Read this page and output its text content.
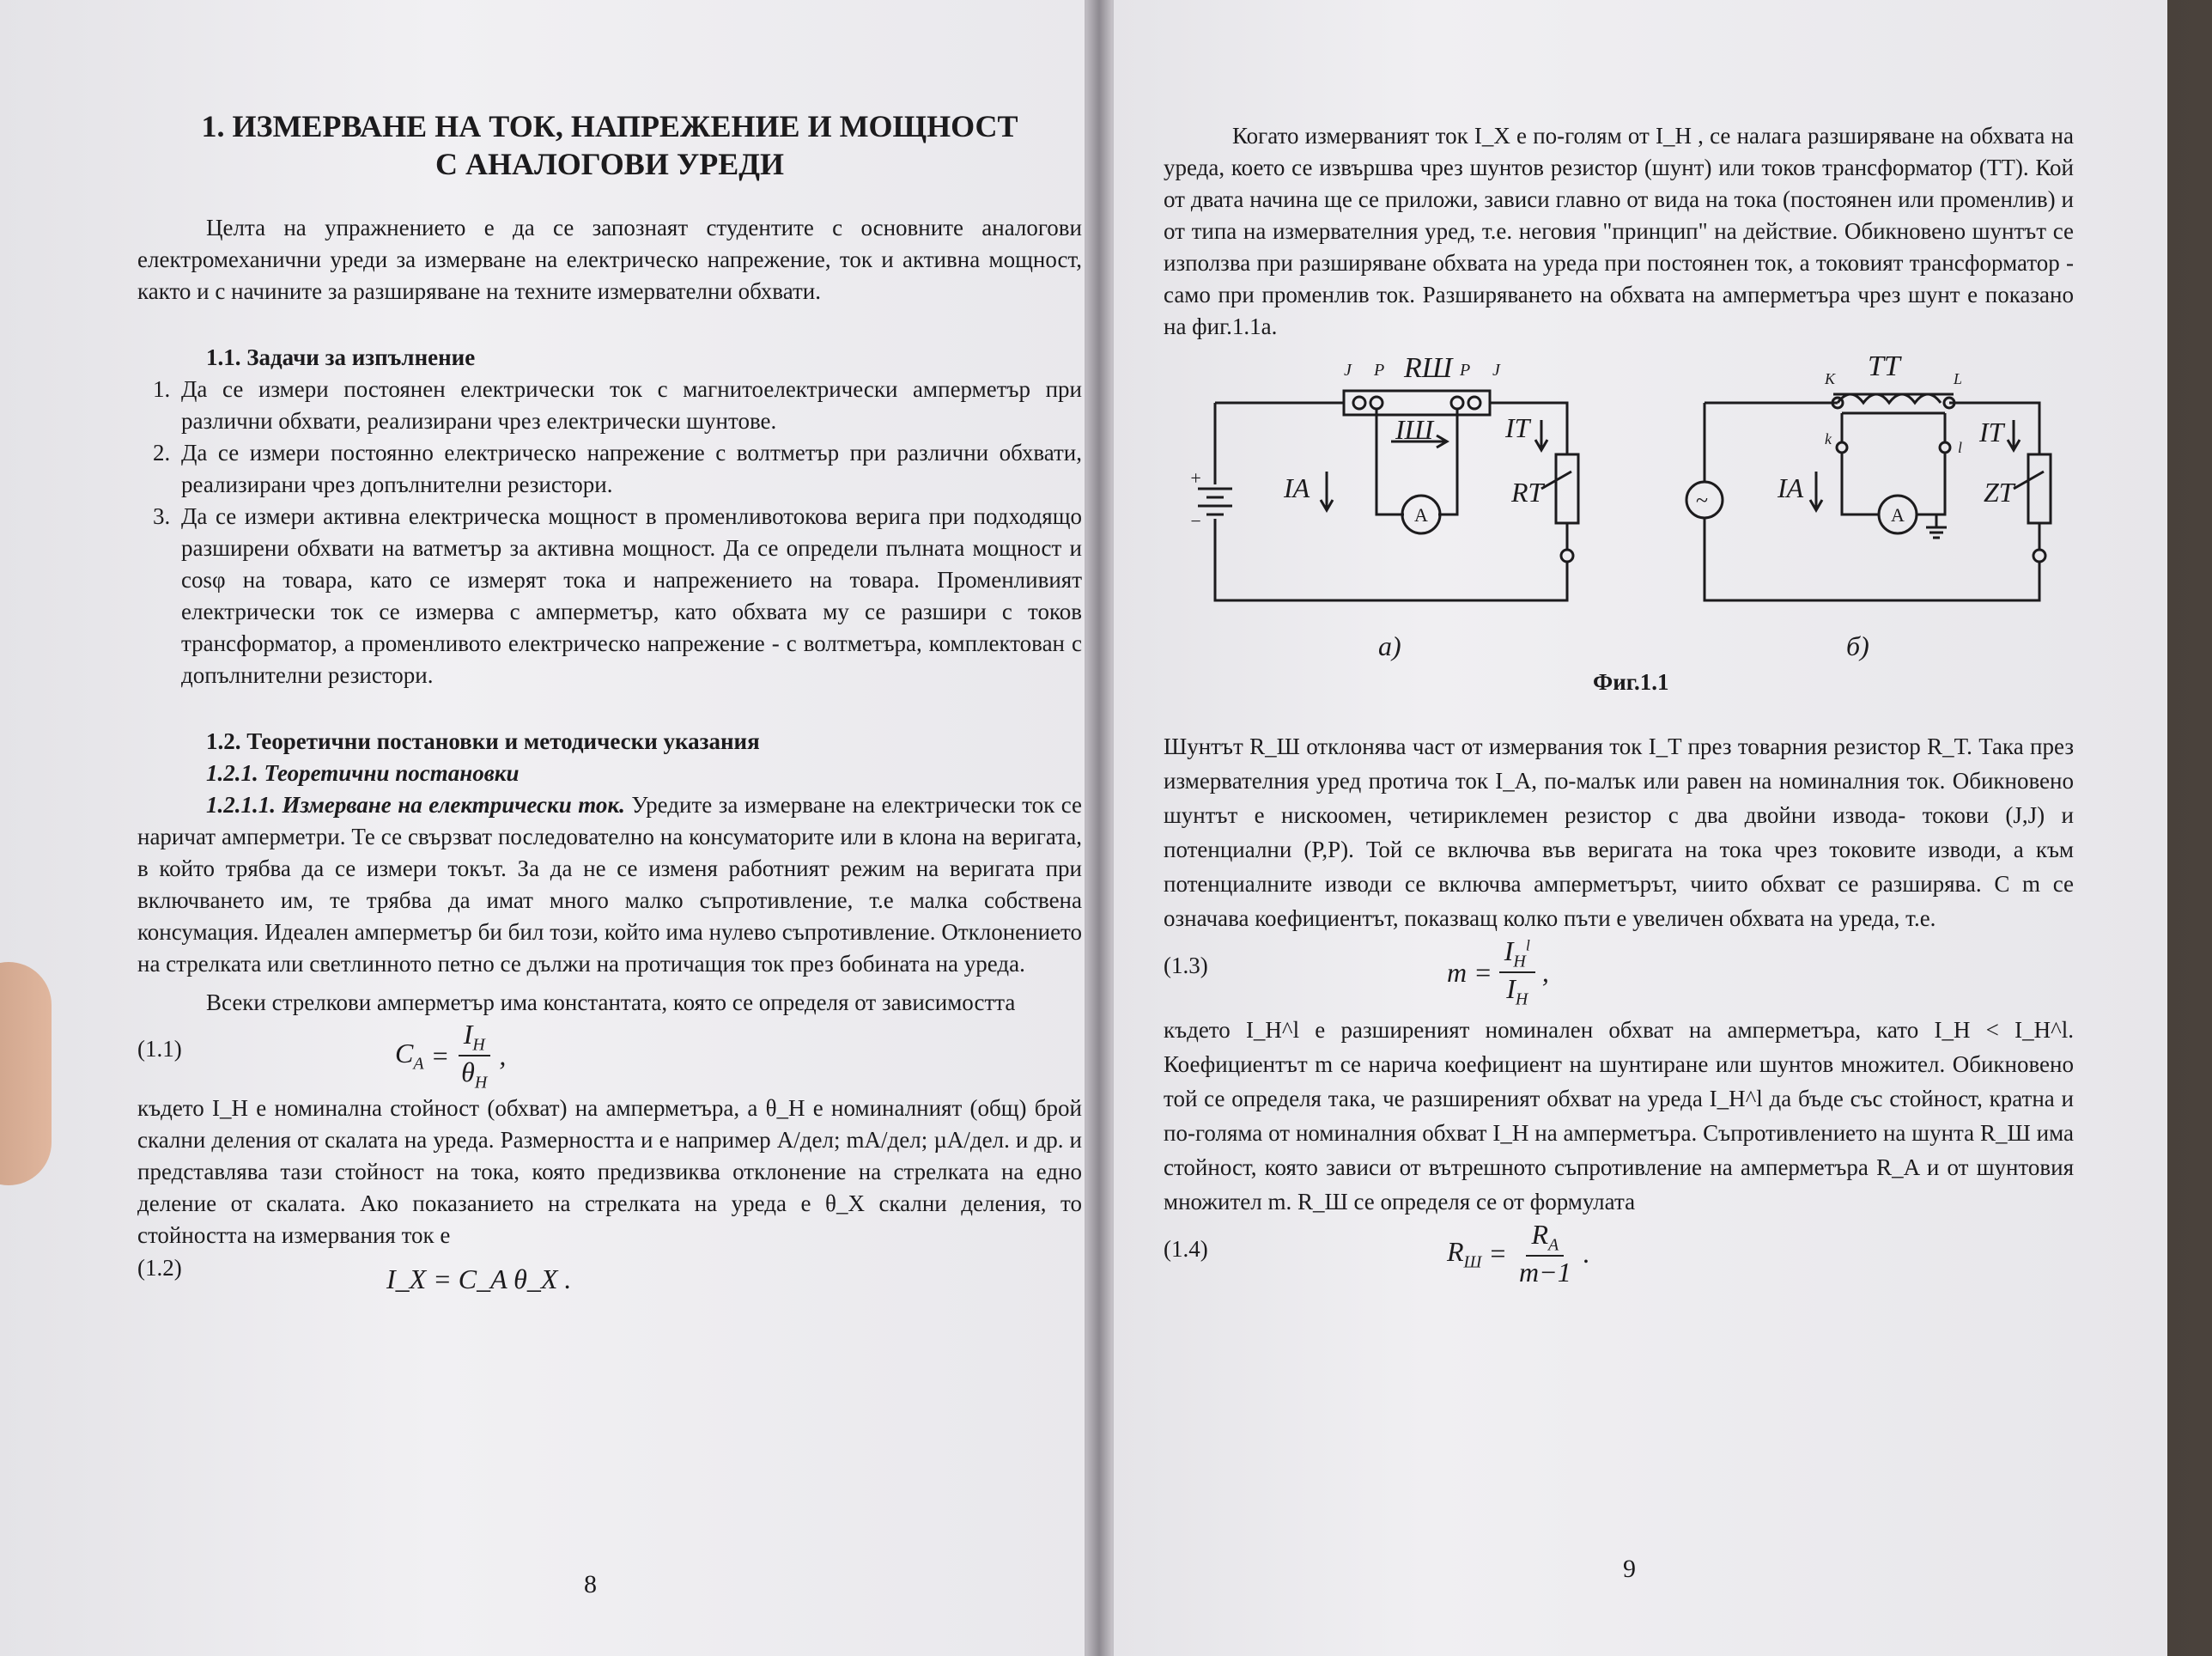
1. ИЗМЕРВАНЕ НА ТОК, НАПРЕЖЕНИЕ И МОЩНОСТ
С АНАЛОГОВИ УРЕДИ

Целта на упражнението е да се запознаят студентите с основните аналогови електромеханични уреди за измерване на електрическо напрежение, ток и активна мощност, както и с начините за разширяване на техните измервателни обхвати.

1.1. Задачи за изпълнение
1. Да се измери постоянен електрически ток с магнитоелектрически амперметър при различни обхвати, реализирани чрез електрически шунтове.
2. Да се измери постоянно електрическо напрежение с волтметър при различни обхвати, реализирани чрез допълнителни резистори.
3. Да се измери активна електрическа мощност в променливотокова верига при подходящо разширени обхвати на ватметър за активна мощност. Да се определи пълната мощност и cosφ на товара, като се измерят тока и напрежението на товара. Променливият електрически ток се измерва с амперметър, като обхвата му се разшири с токов трансформатор, а променливото електрическо напрежение - с волтметъра, комплектован с допълнителни резистори.
1.2. Теоретични постановки и методически указания
1.2.1. Теоретични постановки

1.2.1.1. Измерване на електрически ток. Уредите за измерване на електрически ток се наричат амперметри. Те се свързват последователно на консуматорите или в клона на веригата, в който трябва да се измери токът. За да не се изменя работният режим на веригата при включването им, те трябва да имат много малко съпротивление, т.е малка собствена консумация. Идеален амперметър би бил този, който има нулево съпротивление. Отклонението на стрелката или светлинното петно се дължи на протичащия ток през бобината на уреда.

Всеки стрелкови амперметър има константата, която се определя от зависимостта

(1.1)	$C_A = \frac{I_H}{\theta_H}$ ,

където I_H е номинална стойност (обхват) на амперметъра, а θ_H е номиналният (общ) брой скални деления от скалата на уреда. Размерността и е например А/дел; mA/дел; µA/дел. и др. и представлява тази стойност на тока, която предизвиква отклонение на стрелката на едно деление от скалата. Ако показанието на стрелката на уреда е θ_X скални деления, то стойността на измервания ток е

(1.2)	I_X = C_A θ_X .
8

Когато измерваният ток I_X е по-голям от I_H , се налага разширяване на обхвата на уреда, което се извършва чрез шунтов резистор (шунт) или токов трансформатор (ТТ). Кой от двата начина ще се приложи, зависи главно от вида на тока (постоянен или променлив) и от типа на измервателния уред, т.е. неговия "принцип" на действие. Обикновено шунтът се използва при разширяване обхвата на уреда при постоянен ток, а токовият трансформатор - само при променлив ток. Разширяването на обхвата на амперметъра чрез шунт е показано на фиг.1.1а.

+
−
J P RШ P J
IШ
IA
IT
RT
A
~
TT
K	L
k	l
IA
IT
ZT
A
а)	б)
Фиг.1.1

Шунтът R_Ш отклонява част от измервания ток I_T през товарния резистор R_T. Така през измервателния уред протича ток I_A, по-малък или равен на номиналния ток. Обикновено шунтът е нискоомен, четириклемен резистор с два двойни извода- токови (J,J) и потенциални (P,P). Той се включва във веригата на тока чрез токовите изводи, а към потенциалните изводи се включва амперметърът, чиито обхват се разширява. С m се означава коефициентът, показващ колко пъти е увеличен обхвата на уреда, т.е.

(1.3)	$m = \frac{I_H^l}{I_H}$ ,

където I_H^l е разширеният номинален обхват на амперметъра, като I_H < I_H^l. Коефициентът m се нарича коефициент на шунтиране или шунтов множител. Обикновено той се определя така, че разширеният обхват на уреда I_H^l да бъде със стойност, кратна и по-голяма от номиналния обхват I_H на амперметъра. Съпротивлението на шунта R_Ш има стойност, която зависи от вътрешното съпротивление на амперметъра R_A и от шунтовия множител m. R_Ш се определя се от формулата

(1.4)	$R_Ш = \frac{R_A}{m-1}$ .
9
